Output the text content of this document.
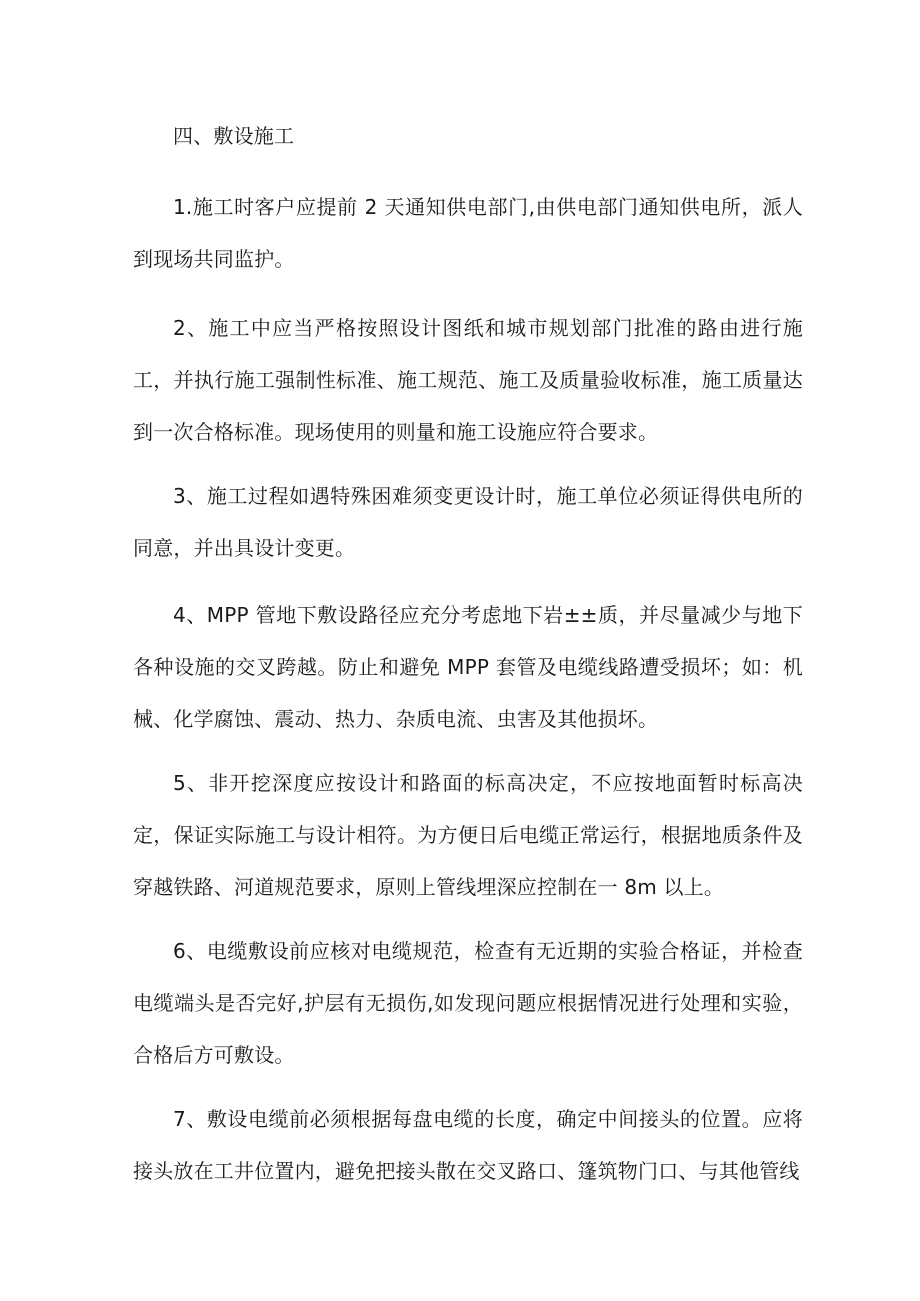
四、敷设施工

1.施工时客户应提前 2 天通知供电部门,由供电部门通知供电所，派人到现场共同监护。

2、施工中应当严格按照设计图纸和城市规划部门批准的路由进行施工，并执行施工强制性标准、施工规范、施工及质量验收标准，施工质量达到一次合格标准。现场使用的则量和施工设施应符合要求。

3、施工过程如遇特殊困难须变更设计时，施工单位必须证得供电所的同意，并出具设计变更。

4、MPP 管地下敷设路径应充分考虑地下岩±±质，并尽量减少与地下各种设施的交叉跨越。防止和避免 MPP 套管及电缆线路遭受损坏；如：机械、化学腐蚀、震动、热力、杂质电流、虫害及其他损坏。

5、非开挖深度应按设计和路面的标高决定，不应按地面暂时标高决定，保证实际施工与设计相符。为方便日后电缆正常运行，根据地质条件及穿越铁路、河道规范要求，原则上管线埋深应控制在一 8m 以上。

6、电缆敷设前应核对电缆规范，检查有无近期的实验合格证，并检查电缆端头是否完好,护层有无损伤,如发现问题应根据情况进行处理和实验，合格后方可敷设。

7、敷设电缆前必须根据每盘电缆的长度，确定中间接头的位置。应将接头放在工井位置内，避免把接头散在交叉路口、篷筑物门口、与其他管线
